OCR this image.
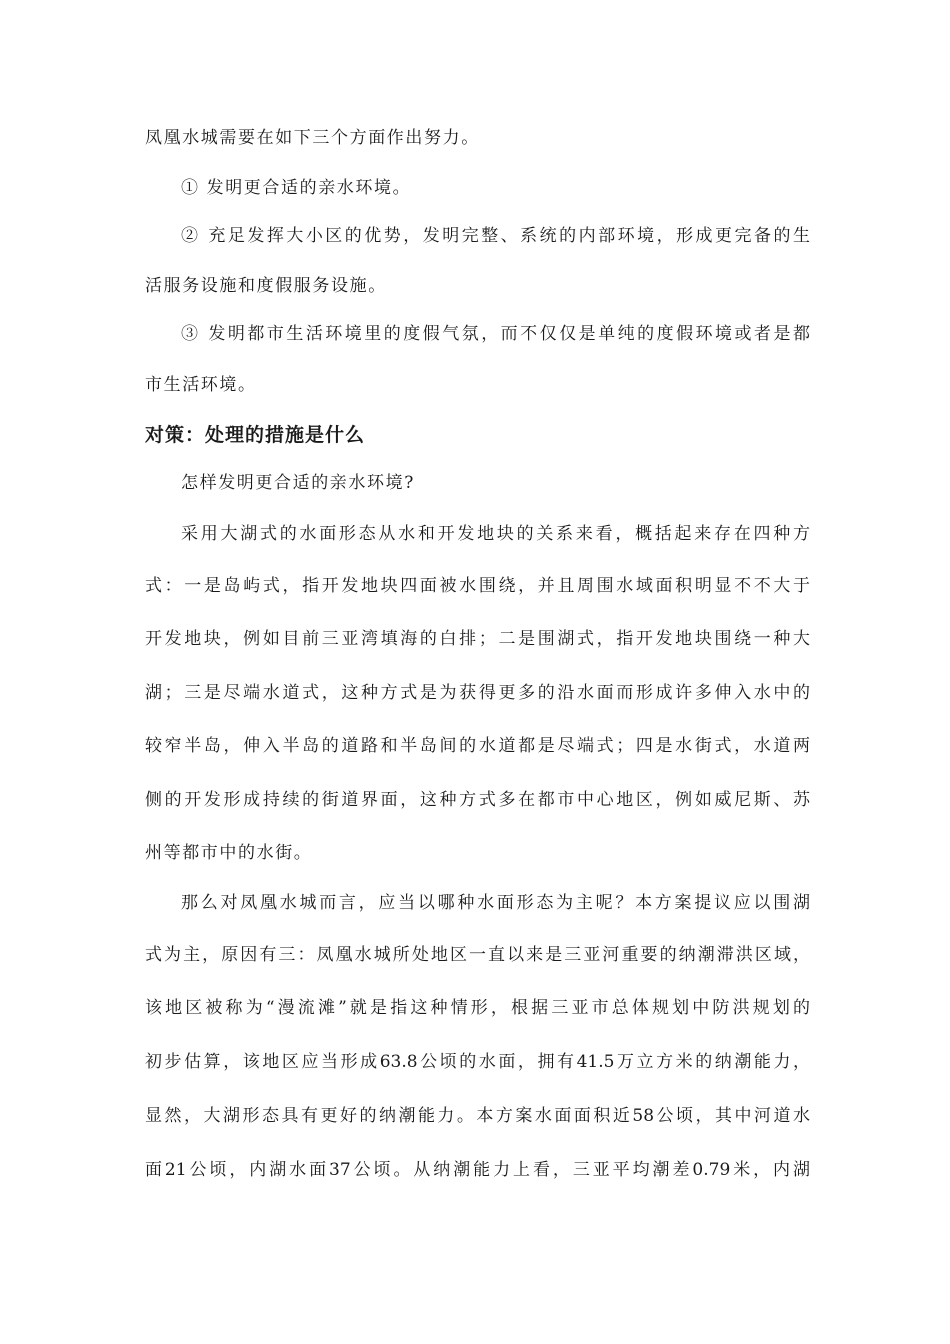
凤凰水城需要在如下三个方面作出努力。
① 发明更合适的亲水环境。
② 充足发挥大小区的优势，发明完整、系统的内部环境，形成更完备的生
活服务设施和度假服务设施。
③ 发明都市生活环境里的度假气氛，而不仅仅是单纯的度假环境或者是都
市生活环境。
对策：处理的措施是什么
怎样发明更合适的亲水环境?
采用大湖式的水面形态从水和开发地块的关系来看，概括起来存在四种方
式：一是岛屿式，指开发地块四面被水围绕，并且周围水域面积明显不不大于
开发地块，例如目前三亚湾填海的白排；二是围湖式，指开发地块围绕一种大
湖；三是尽端水道式，这种方式是为获得更多的沿水面而形成许多伸入水中的
较窄半岛，伸入半岛的道路和半岛间的水道都是尽端式；四是水街式，水道两
侧的开发形成持续的街道界面，这种方式多在都市中心地区，例如威尼斯、苏
州等都市中的水街。
那么对凤凰水城而言，应当以哪种水面形态为主呢？本方案提议应以围湖
式为主，原因有三：凤凰水城所处地区一直以来是三亚河重要的纳潮滞洪区域，
该地区被称为“漫流滩”就是指这种情形，根据三亚市总体规划中防洪规划的
初步估算，该地区应当形成63.8公顷的水面，拥有41.5万立方米的纳潮能力，
显然，大湖形态具有更好的纳潮能力。本方案水面面积近58公顷，其中河道水
面21公顷，内湖水面37公顷。从纳潮能力上看，三亚平均潮差0.79米，内湖
